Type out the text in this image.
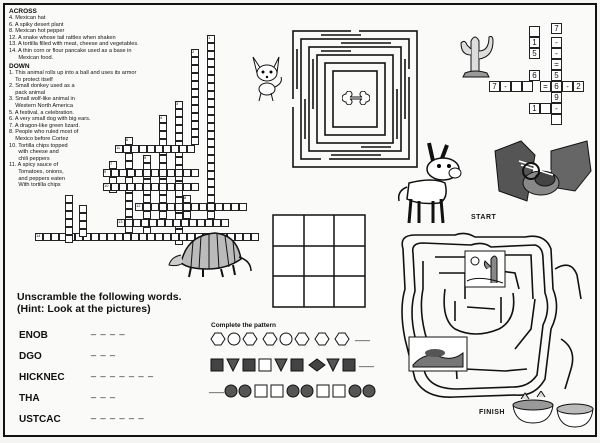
ACROSS
4. Mexican hat
6. A spiky desert plant
8. Mexican hot pepper
12. A snake whose tail rattles when shaken
13. A tortilla filled with meat, cheese and vegetables.
14. A thin corn or flour pancake used as a base in
Mexican food.
DOWN
1. This animal rolls up into a ball and uses its armor
To protect itself
2. Small donkey used as a
pack animal
3. Small wolf-like animal in
Western North America
5. A festival, a celebration.
6. A very small dog with big ears.
7. A dragon-like green lizard.
8. People who ruled most of
Mexico before Cortez
10. Tortilla chips topped
with cheese and
chili peppers
11. A spicy sauce of
Tomatoes, onions,
and peppers eaten
With tortilla chips
1
2
3
4
5
6
7
8
9
10
11
12
13
14
7
1	-
5	-
=
6	5
7 -	= 6 - 2
9
1	-
START
Unscramble the following words.
(Hint: Look at the pictures)
ENOB	_ _ _ _
DGO	_ _ _
HICKNEC	_ _ _ _ _ _ _
THA	_ _ _
USTCAC	_ _ _ _ _ _
Complete the pattern
___
___
___
FINISH
